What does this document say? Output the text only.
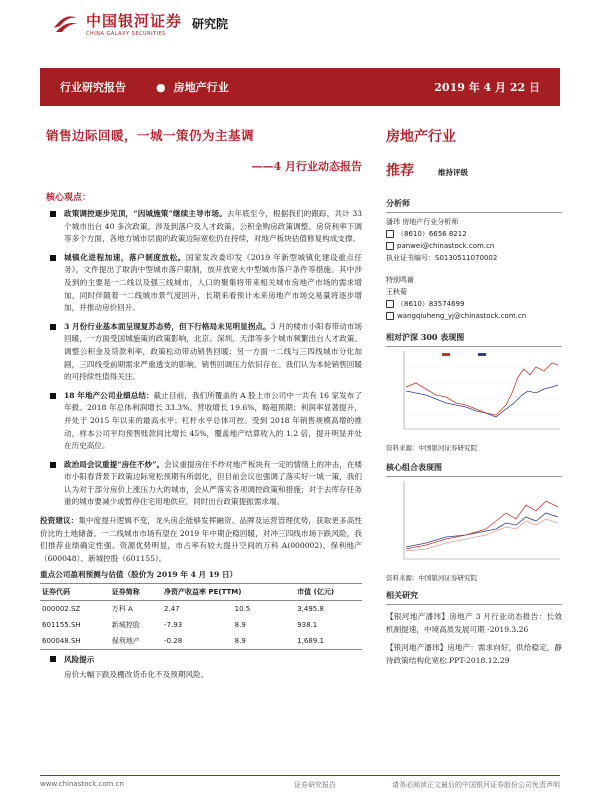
中国银河证券
CHINA GALAXY SECURITIES
研究院
行业研究报告	● 房地产行业	2019 年 4 月 22 日
销售边际回暖，一城一策仍为主基调
——4 月行业动态报告
核心观点：
政策调控逐步见顶，“因城施策”继续主导市场。去年底至今，根据我们的跟踪，共计 33 个城市出台 40 多次政策，涉及到落户及人才政策、公积金购房政策调整、房贷利率下调等多个方面，各地方城市层面的政策边际宽松仍在持续，对地产板块估值修复构成支撑。
城镇化进程加速，落户制度放松。国家发改委印发《2019 年新型城镇化建设重点任务》，文件提出了取消中型城市落户限制，放开放宽大中型城市落户条件等措施。其中涉及到的主要是一二线以及强三线城市，人口的聚集将带来相关城市房地产市场的需求增加，同时伴随着一二线城市景气度回升，长期来看预计未来房地产市场交易量将逐步增加，并推动房价回升。
3 月份行业基本面呈现复苏态势，但下行格局未见明显拐点。3 月的楼市小阳春带动市场回暖，一方面受国城施策的政策影响，北京、深圳、天津等多个城市频繁出台人才政策、调整公积金及贷款利率，政策松动带动销售回暖；另一方面一二线与三四线城市分化加剧，三四线受前期需求严重透支的影响，销售回调压力依旧存在。我们认为本轮销售回暖的可持续性值得关注。
18 年地产公司业绩总结：截止目前，我们所覆盖的 A 股上市公司中一共有 16 家发布了年报。2018 年总体利润增长 33.3%。营收增长 19.6%，略超预期；利润率显著提升，并处于 2015 年以来的最高水平；杠杆水平总体可控。受到 2018 年销售规模高增的推动，样本公司平均预售账款同比增长 45%，覆盖地产结算收入的 1.2 倍，提升明显并处在历史高位。
政治局会议重提“房住不炒”。会议重提房住不炒对地产板块有一定的情绪上的冲击，在楼市小阳春背景下政策边际宽松预期有所弱化，但目前会议也强调了落实好一城一策，我们认为对于部分房价上涨压力大的城市，会从严落实各项调控政策和措施；对于去库存任务重的城市要减少或暂停住宅用地供应，同时出台政策提振需求端。
投资建议：集中度提升逻辑不变，龙头房企能够发挥融资、品牌及运营管理优势，获取更多高性价比的土地储备。一二线城市市场有望在 2019 年中期企稳回暖，对冲三四线市场下跌风险，我们推荐业绩确定性强、资源优势明显，市占率有较大提升空间的万科 A(000002)、保利地产（600048）、新城控股（601155）。
重点公司盈利预测与估值（股价为 2019 年 4 月 19 日）
证券代码	证券简称	净资产收益率 PE(TTM)		市值 (亿元)
000002.SZ	万科 A	2.47	10.5	3,495.8
601155.SH	新城控股	-7.93	8.9	938.1
600048.SH	保利地产	-0.28	8.9	1,689.1
风险提示
房价大幅下跌及棚改货币化不及预期风险。
房地产行业
推荐	维持评级
分析师
潘玮 房地产行业分析师
（8610）6656 8212
panwei@chinastock.com.cn
执业证书编号：S0130511070002
特别鸣谢
王秋菊
（8610）83574699
wangqiuheng_yj@chinastock.com.cn
相对沪深 300 表现图
资料来源：中国银河证券研究院
核心组合表现图
资料来源：中国银河证券研究院
相关研究
【银河地产潘玮】房地产 3 月行业动态报告：长效机制提速，中境高质发展可期 -2019.3.26
【银河地产潘玮】房地产：需求向好，供给稳定，静待政策结构化宽松.PPT-2018.12.29
www.chinastock.com.cn	证券研究报告	请务必阅读正文最后的中国银河证券股份公司免责声明
